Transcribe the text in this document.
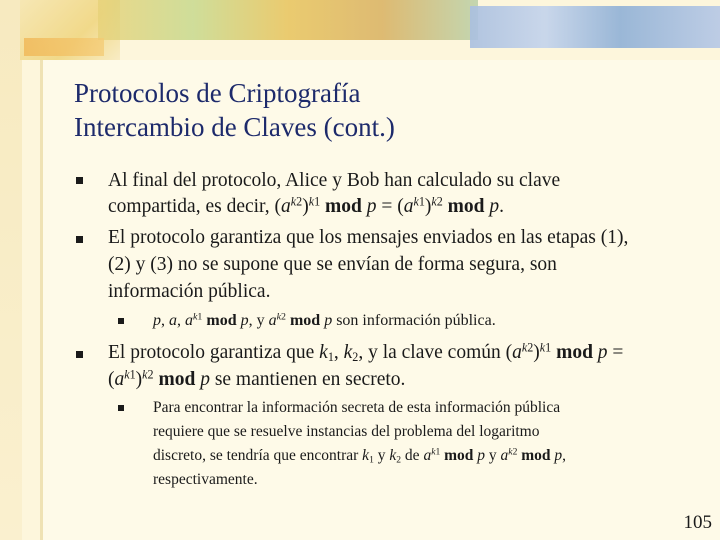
Protocolos de Criptografía
Intercambio de Claves (cont.)
Al final del protocolo, Alice y Bob han calculado su clave
compartida, es decir, $(a^{k2})^{k1}$ mod $p = (a^{k1})^{k2}$ mod p.
El protocolo garantiza que los mensajes enviados en las etapas (1),
(2) y (3) no se supone que se envían de forma segura, son
información pública.
p, a, $a^{k1}$ mod p, y $a^{k2}$ mod p son información pública.
El protocolo garantiza que $k_1$, $k_2$, y la clave común $(a^{k2})^{k1}$ mod p =
$(a^{k1})^{k2}$ mod p se mantienen en secreto.
Para encontrar la información secreta de esta información pública
requiere que se resuelve instancias del problema del logaritmo
discreto, se tendría que encontrar $k_1$ y $k_2$ de $a^{k1}$ mod p y $a^{k2}$ mod p,
respectivamente.
105
